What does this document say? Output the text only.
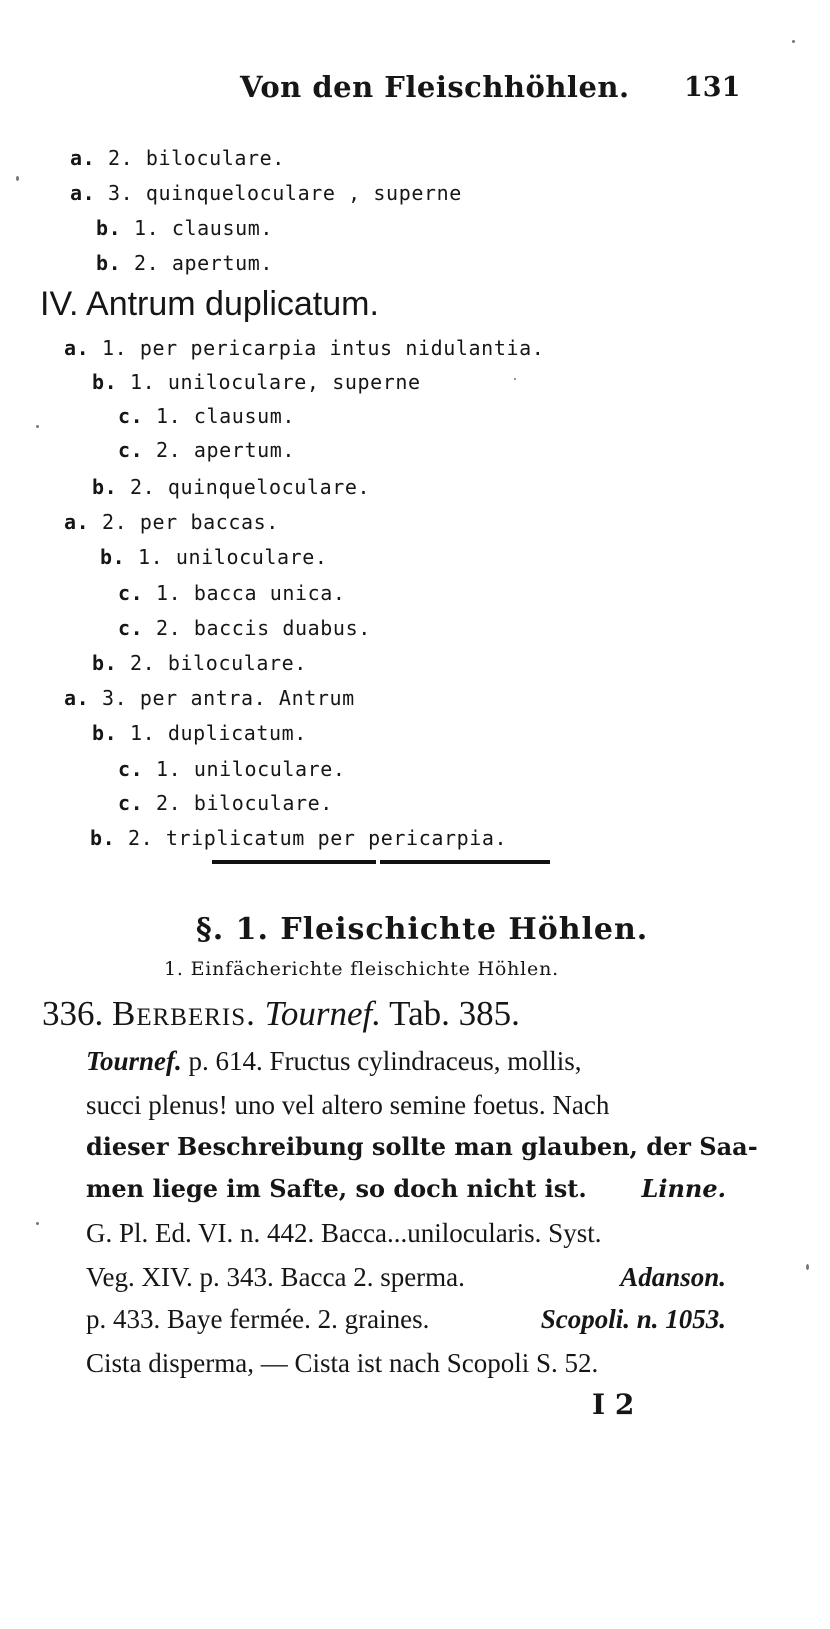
Von den Fleischhöhlen. 131
a. 2. biloculare.
a. 3. quinqueloculare , superne
b. 1. clausum.
b. 2. apertum.
IV. Antrum duplicatum.
a. 1. per pericarpia intus nidulantia.
b. 1. uniloculare, superne
c. 1. clausum.
c. 2. apertum.
b. 2. quinqueloculare.
a. 2. per baccas.
b. 1. uniloculare.
c. 1. bacca unica.
c. 2. baccis duabus.
b. 2. biloculare.
a. 3. per antra. Antrum
b. 1. duplicatum.
c. 1. uniloculare.
c. 2. biloculare.
b. 2. triplicatum per pericarpia.
§. 1. Fleischichte Höhlen.
1. Einfächerichte fleischichte Höhlen.
336. Berberis. Tournef. Tab. 385.
Tournef. p. 614. Fructus cylindraceus, mollis,
succi plenus! uno vel altero semine foetus. Nach
dieser Beschreibung sollte man glauben, der Saa-
men liege im Safte, so doch nicht ist. Linne.
G. Pl. Ed. VI. n. 442. Bacca...unilocularis. Syst.
Veg. XIV. p. 343. Bacca 2. sperma.	Adanson.
p. 433. Baye fermée. 2. graines.	Scopoli. n. 1053.
Cista disperma, — Cista ist nach Scopoli S. 52.
I 2
